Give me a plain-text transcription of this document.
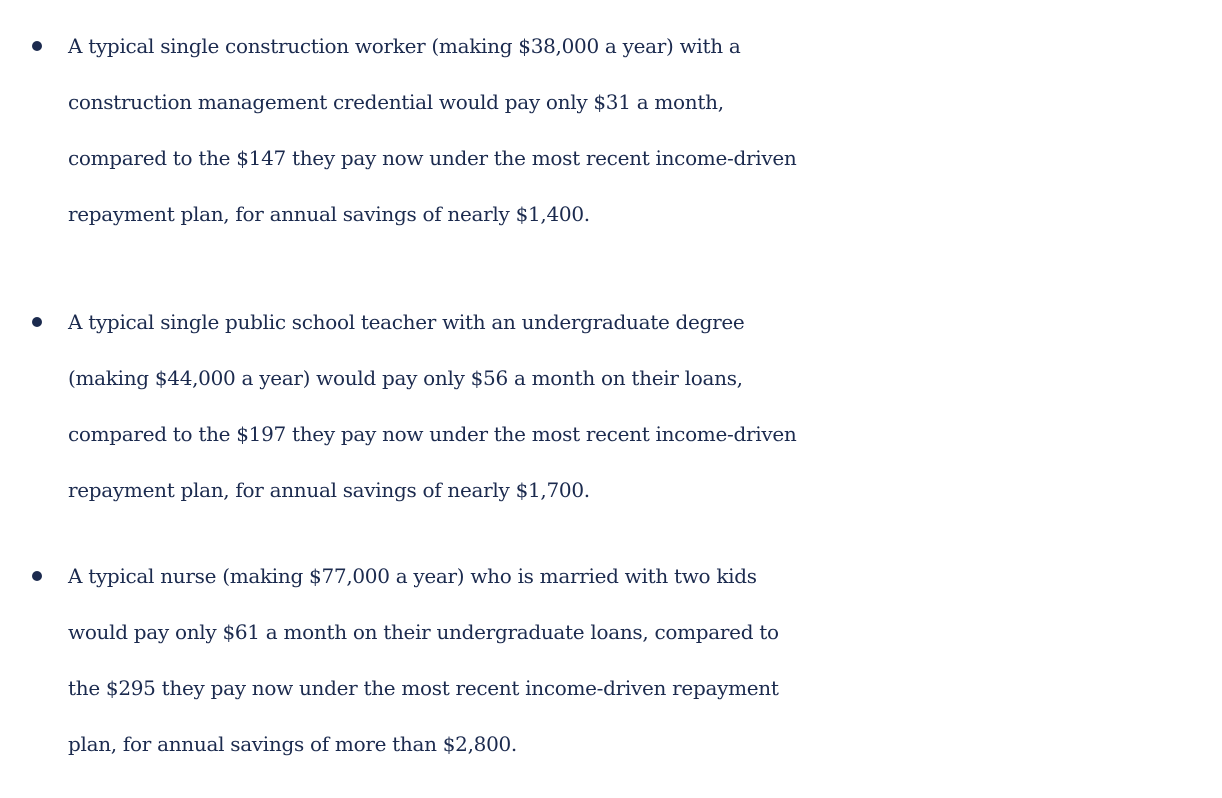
A typical single construction worker (making $38,000 a year) with a
construction management credential would pay only $31 a month,
compared to the $147 they pay now under the most recent income-driven
repayment plan, for annual savings of nearly $1,400.
A typical single public school teacher with an undergraduate degree
(making $44,000 a year) would pay only $56 a month on their loans,
compared to the $197 they pay now under the most recent income-driven
repayment plan, for annual savings of nearly $1,700.
A typical nurse (making $77,000 a year) who is married with two kids
would pay only $61 a month on their undergraduate loans, compared to
the $295 they pay now under the most recent income-driven repayment
plan, for annual savings of more than $2,800.
